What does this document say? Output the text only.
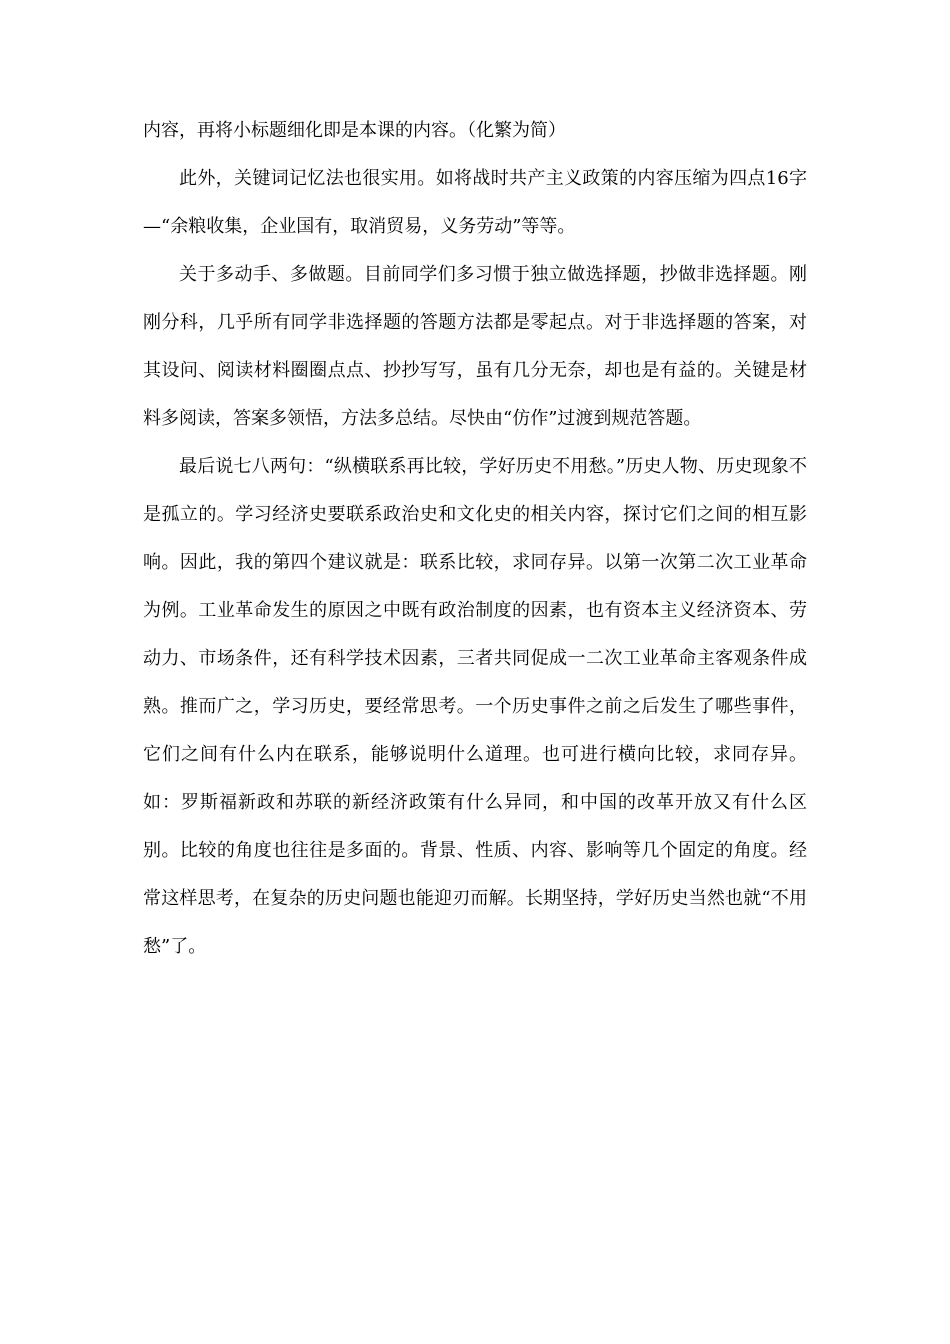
内容，再将小标题细化即是本课的内容。（化繁为简）

此外，关键词记忆法也很实用。如将战时共产主义政策的内容压缩为四点16字—“余粮收集，企业国有，取消贸易，义务劳动”等等。

关于多动手、多做题。目前同学们多习惯于独立做选择题，抄做非选择题。刚刚分科，几乎所有同学非选择题的答题方法都是零起点。对于非选择题的答案，对其设问、阅读材料圈圈点点、抄抄写写，虽有几分无奈，却也是有益的。关键是材料多阅读，答案多领悟，方法多总结。尽快由“仿作”过渡到规范答题。

最后说七八两句：“纵横联系再比较，学好历史不用愁。”历史人物、历史现象不是孤立的。学习经济史要联系政治史和文化史的相关内容，探讨它们之间的相互影响。因此，我的第四个建议就是：联系比较，求同存异。以第一次第二次工业革命为例。工业革命发生的原因之中既有政治制度的因素，也有资本主义经济资本、劳动力、市场条件，还有科学技术因素，三者共同促成一二次工业革命主客观条件成熟。推而广之，学习历史，要经常思考。一个历史事件之前之后发生了哪些事件，它们之间有什么内在联系，能够说明什么道理。也可进行横向比较，求同存异。如：罗斯福新政和苏联的新经济政策有什么异同，和中国的改革开放又有什么区别。比较的角度也往往是多面的。背景、性质、内容、影响等几个固定的角度。经常这样思考，在复杂的历史问题也能迎刃而解。长期坚持，学好历史当然也就“不用愁”了。
